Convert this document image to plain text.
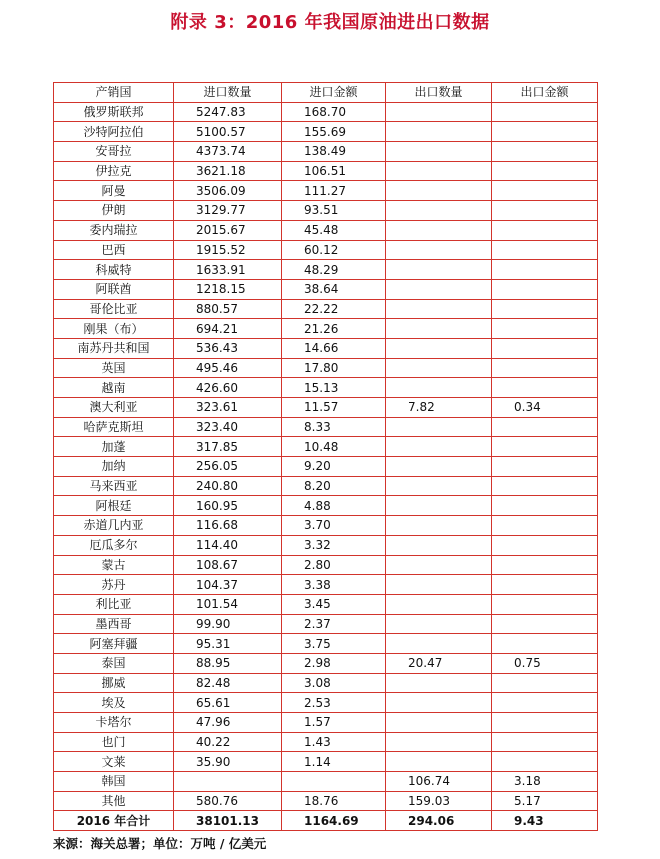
附录 3：2016 年我国原油进出口数据
产销国	进口数量	进口金额	出口数量	出口金额
俄罗斯联邦	5247.83	168.70		
沙特阿拉伯	5100.57	155.69		
安哥拉	4373.74	138.49		
伊拉克	3621.18	106.51		
阿曼	3506.09	111.27		
伊朗	3129.77	93.51		
委内瑞拉	2015.67	45.48		
巴西	1915.52	60.12		
科威特	1633.91	48.29		
阿联酋	1218.15	38.64		
哥伦比亚	880.57	22.22		
刚果（布）	694.21	21.26		
南苏丹共和国	536.43	14.66		
英国	495.46	17.80		
越南	426.60	15.13		
澳大利亚	323.61	11.57	7.82	0.34
哈萨克斯坦	323.40	8.33		
加蓬	317.85	10.48		
加纳	256.05	9.20		
马来西亚	240.80	8.20		
阿根廷	160.95	4.88		
赤道几内亚	116.68	3.70		
厄瓜多尔	114.40	3.32		
蒙古	108.67	2.80		
苏丹	104.37	3.38		
利比亚	101.54	3.45		
墨西哥	99.90	2.37		
阿塞拜疆	95.31	3.75		
泰国	88.95	2.98	20.47	0.75
挪威	82.48	3.08		
埃及	65.61	2.53		
卡塔尔	47.96	1.57		
也门	40.22	1.43		
文莱	35.90	1.14		
韩国			106.74	3.18
其他	580.76	18.76	159.03	5.17
2016 年合计	38101.13	1164.69	294.06	9.43
来源：海关总署；单位：万吨 / 亿美元
